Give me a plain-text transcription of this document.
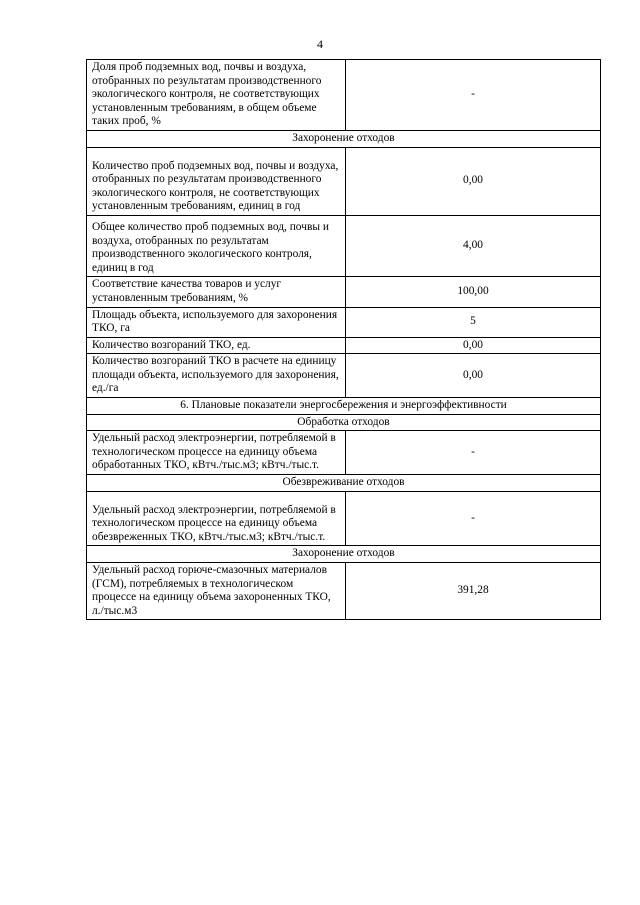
4
Доля проб подземных вод, почвы и воздуха, отобранных по результатам производственного экологического контроля, не соответствующих установленным требованиям, в общем объеме таких проб, %	-
Захоронение отходов	
Количество проб подземных вод, почвы и воздуха, отобранных по результатам производственного экологического контроля, не соответствующих установленным требованиям, единиц в год	0,00
Общее количество проб подземных вод, почвы и воздуха, отобранных по результатам производственного экологического контроля, единиц в год	4,00
Соответствие качества товаров и услуг установленным требованиям, %	100,00
Площадь объекта, используемого для захоронения ТКО, га	5
Количество возгораний ТКО, ед.	0,00
Количество возгораний ТКО в расчете на единицу площади объекта, используемого для захоронения, ед./га	0,00
6. Плановые показатели энергосбережения и энергоэффективности	
Обработка отходов	
Удельный расход электроэнергии, потребляемой в технологическом процессе на единицу объема обработанных ТКО, кВтч./тыс.м3; кВтч./тыс.т.	-
Обезвреживание отходов	
Удельный расход электроэнергии, потребляемой в технологическом процессе на единицу объема обезвреженных ТКО, кВтч./тыс.м3; кВтч./тыс.т.	-
Захоронение отходов	
Удельный расход горюче-смазочных материалов (ГСМ), потребляемых в технологическом процессе на единицу объема захороненных ТКО, л./тыс.м3	391,28
